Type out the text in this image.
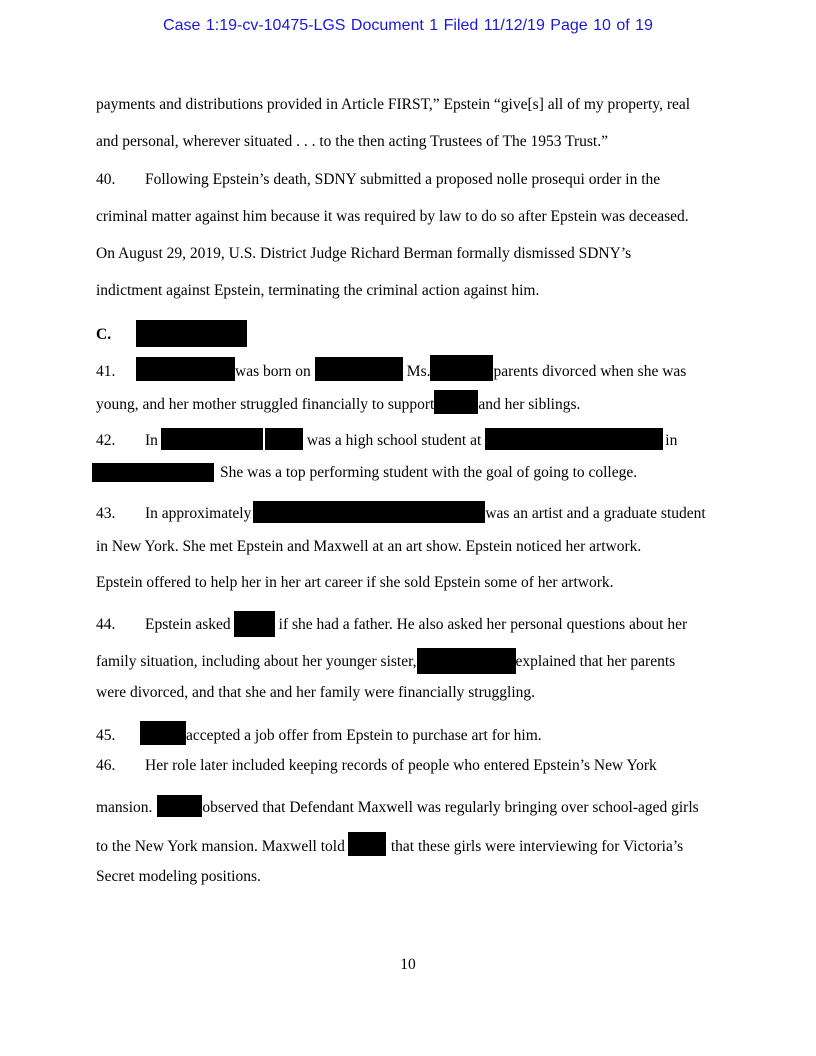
Case 1:19-cv-10475-LGS Document 1 Filed 11/12/19 Page 10 of 19
payments and distributions provided in Article FIRST,” Epstein “give[s] all of my property, real
and personal, wherever situated . . . to the then acting Trustees of The 1953 Trust.”
40. Following Epstein’s death, SDNY submitted a proposed nolle prosequi order in the
criminal matter against him because it was required by law to do so after Epstein was deceased.
On August 29, 2019, U.S. District Judge Richard Berman formally dismissed SDNY’s
indictment against Epstein, terminating the criminal action against him.
C.
41.	was born on	Ms.	parents divorced when she was
young, and her mother struggled financially to support	and her siblings.
42. In	was a high school student at	in
She was a top performing student with the goal of going to college.
43. In approximately	was an artist and a graduate student
in New York. She met Epstein and Maxwell at an art show. Epstein noticed her artwork.
Epstein offered to help her in her art career if she sold Epstein some of her artwork.
44. Epstein asked	if she had a father. He also asked her personal questions about her
family situation, including about her younger sister,	explained that her parents
were divorced, and that she and her family were financially struggling.
45.	accepted a job offer from Epstein to purchase art for him.
46. Her role later included keeping records of people who entered Epstein’s New York
mansion.	observed that Defendant Maxwell was regularly bringing over school-aged girls
to the New York mansion. Maxwell told	that these girls were interviewing for Victoria’s
Secret modeling positions.
10
